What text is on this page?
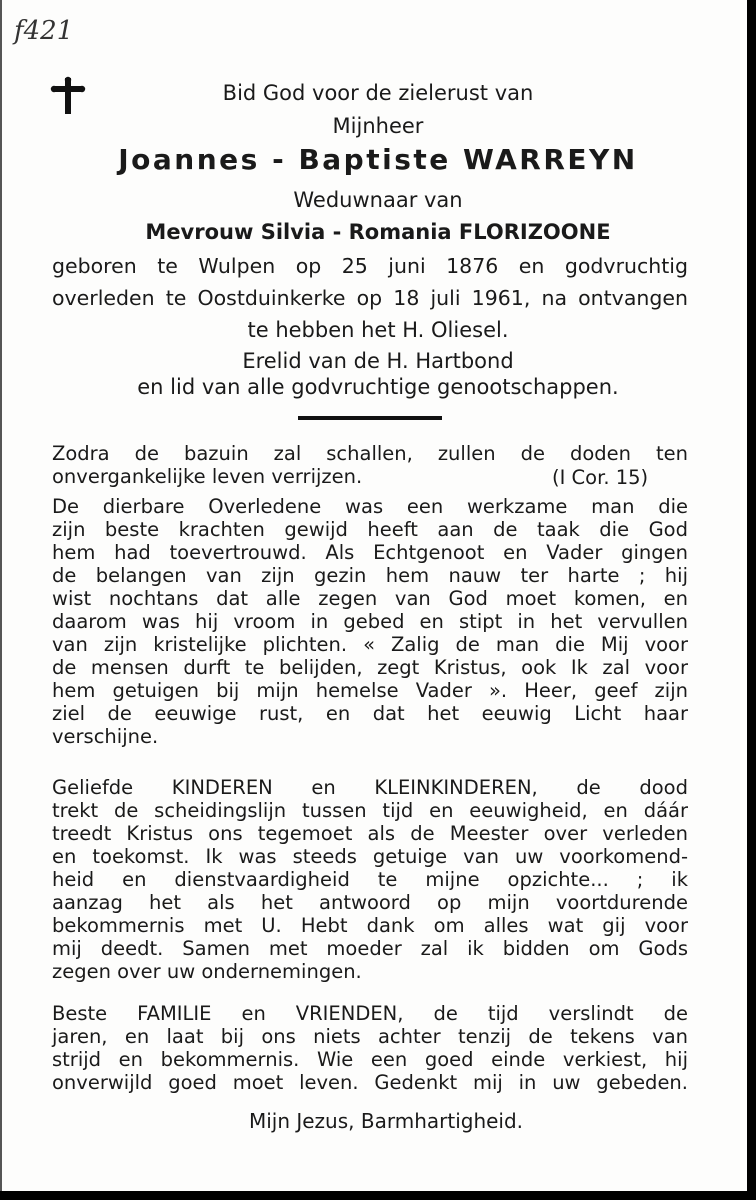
f421
Bid God voor de zielerust van
Mijnheer
Joannes - Baptiste WARREYN
Weduwnaar van
Mevrouw Silvia - Romania FLORIZOONE
geboren te Wulpen op 25 juni 1876 en godvruchtig
overleden te Oostduinkerke op 18 juli 1961, na ontvangen
te hebben het H. Oliesel.
Erelid van de H. Hartbond
en lid van alle godvruchtige genootschappen.
Zodra de bazuin zal schallen, zullen de doden ten
onvergankelijke leven verrijzen.	(I Cor. 15)
De dierbare Overledene was een werkzame man die
zijn beste krachten gewijd heeft aan de taak die God
hem had toevertrouwd. Als Echtgenoot en Vader gingen
de belangen van zijn gezin hem nauw ter harte ; hij
wist nochtans dat alle zegen van God moet komen, en
daarom was hij vroom in gebed en stipt in het vervullen
van zijn kristelijke plichten. « Zalig de man die Mij voor
de mensen durft te belijden, zegt Kristus, ook Ik zal voor
hem getuigen bij mijn hemelse Vader ». Heer, geef zijn
ziel de eeuwige rust, en dat het eeuwig Licht haar
verschijne.
Geliefde KINDEREN en KLEINKINDEREN, de dood
trekt de scheidingslijn tussen tijd en eeuwigheid, en dáár
treedt Kristus ons tegemoet als de Meester over verleden
en toekomst. Ik was steeds getuige van uw voorkomend-
heid en dienstvaardigheid te mijne opzichte... ; ik
aanzag het als het antwoord op mijn voortdurende
bekommernis met U. Hebt dank om alles wat gij voor
mij deedt. Samen met moeder zal ik bidden om Gods
zegen over uw ondernemingen.
Beste FAMILIE en VRIENDEN, de tijd verslindt de
jaren, en laat bij ons niets achter tenzij de tekens van
strijd en bekommernis. Wie een goed einde verkiest, hij
onverwijld goed moet leven. Gedenkt mij in uw gebeden.
Mijn Jezus, Barmhartigheid.
